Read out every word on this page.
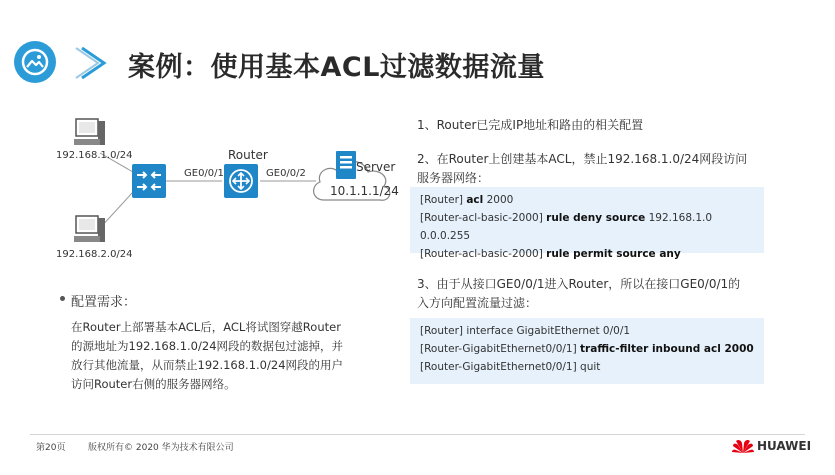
案例：使用基本ACL过滤数据流量
192.168.1.0/24
192.168.2.0/24
Router
GE0/0/1	GE0/0/2	Server
10.1.1.1/24
1、Router已完成IP地址和路由的相关配置
2、在Router上创建基本ACL，禁止192.168.1.0/24网段访问
服务器网络：
[Router] acl 2000
[Router-acl-basic-2000] rule deny source 192.168.1.0 0.0.0.255
[Router-acl-basic-2000] rule permit source any
3、由于从接口GE0/0/1进入Router，所以在接口GE0/0/1的
入方向配置流量过滤：
[Router] interface GigabitEthernet 0/0/1
[Router-GigabitEthernet0/0/1] traffic-filter inbound acl 2000
[Router-GigabitEthernet0/0/1] quit
配置需求：
在Router上部署基本ACL后，ACL将试图穿越Router
的源地址为192.168.1.0/24网段的数据包过滤掉，并
放行其他流量，从而禁止192.168.1.0/24网段的用户
访问Router右侧的服务器网络。
第20页	版权所有© 2020 华为技术有限公司	HUAWEI
